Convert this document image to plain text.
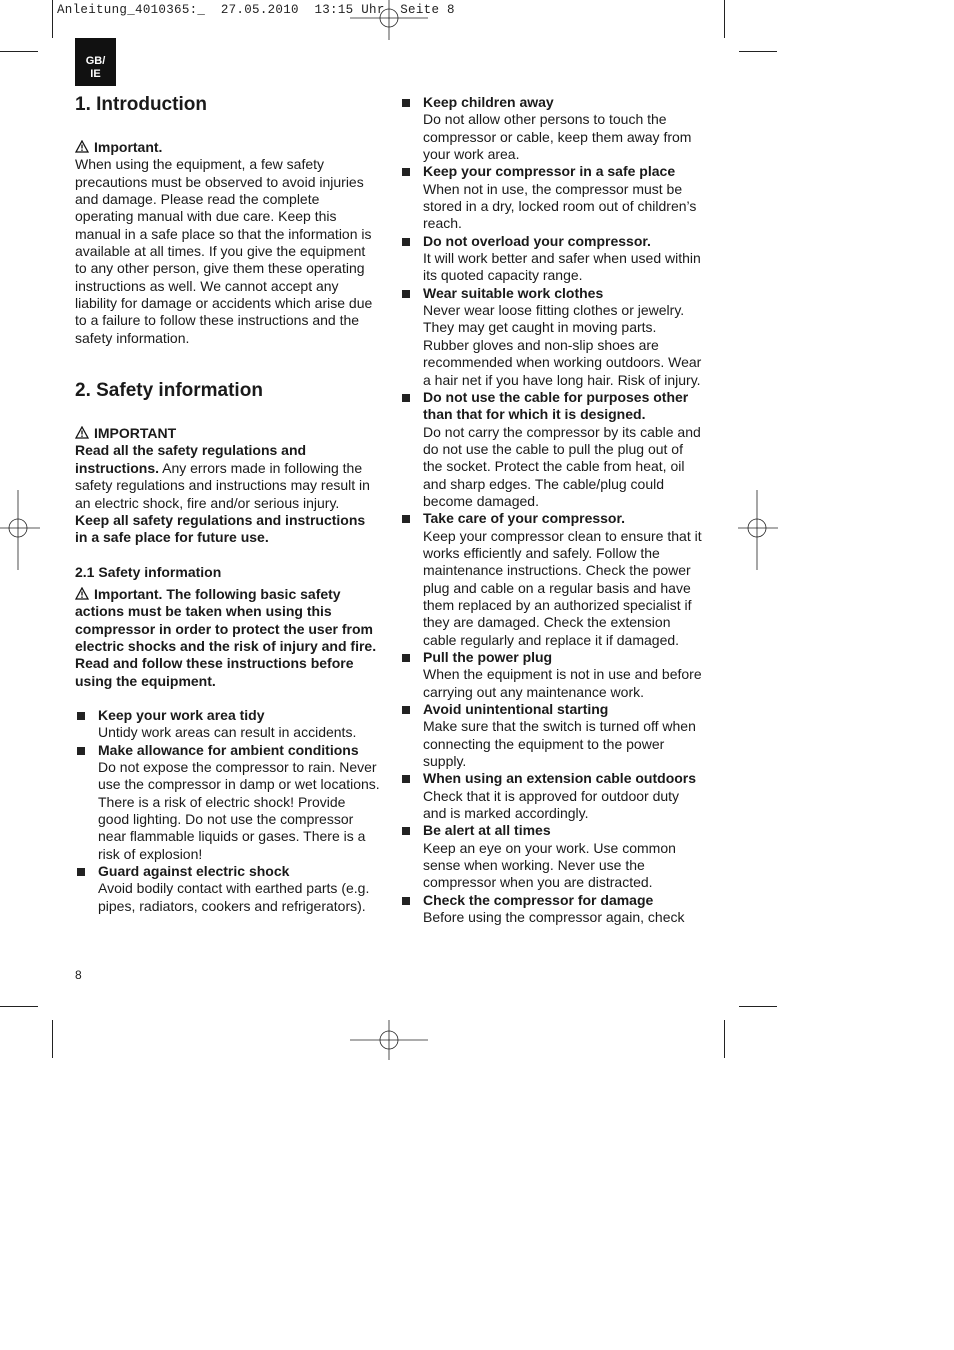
Anleitung_4010365:_  27.05.2010  13:15 Uhr  Seite 8
GB/
IE
1. Introduction

Important.

When using the equipment, a few safety precautions must be observed to avoid injuries and damage. Please read the complete operating manual with due care. Keep this manual in a safe place so that the information is available at all times. If you give the equipment to any other person, give them these operating instructions as well. We cannot accept any liability for damage or accidents which arise due to a failure to follow these instructions and the safety information.

2. Safety information

IMPORTANT

Read all the safety regulations and instructions. Any errors made in following the safety regulations and instructions may result in an electric shock, fire and/or serious injury.

Keep all safety regulations and instructions in a safe place for future use.

2.1 Safety information

Important. The following basic safety actions must be taken when using this compressor in order to protect the user from electric shocks and the risk of injury and fire.

Read and follow these instructions before using the equipment.

Keep your work area tidy

Untidy work areas can result in accidents.

Make allowance for ambient conditions

Do not expose the compressor to rain. Never use the compressor in damp or wet locations. There is a risk of electric shock! Provide good lighting. Do not use the compressor near flammable liquids or gases. There is a risk of explosion!

Guard against electric shock

Avoid bodily contact with earthed parts (e.g. pipes, radiators, cookers and refrigerators).

Keep children away

Do not allow other persons to touch the compressor or cable, keep them away from your work area.

Keep your compressor in a safe place

When not in use, the compressor must be stored in a dry, locked room out of children’s reach.

Do not overload your compressor.

It will work better and safer when used within its quoted capacity range.

Wear suitable work clothes

Never wear loose fitting clothes or jewelry. They may get caught in moving parts. Rubber gloves and non-slip shoes are recommended when working outdoors. Wear a hair net if you have long hair. Risk of injury.

Do not use the cable for purposes other than that for which it is designed.

Do not carry the compressor by its cable and do not use the cable to pull the plug out of the socket. Protect the cable from heat, oil and sharp edges. The cable/plug could become damaged.

Take care of your compressor.

Keep your compressor clean to ensure that it works efficiently and safely. Follow the maintenance instructions. Check the power plug and cable on a regular basis and have them replaced by an authorized specialist if they are damaged. Check the extension cable regularly and replace it if damaged.

Pull the power plug

When the equipment is not in use and before carrying out any maintenance work.

Avoid unintentional starting

Make sure that the switch is turned off when connecting the equipment to the power supply.

When using an extension cable outdoors

Check that it is approved for outdoor duty and is marked accordingly.

Be alert at all times

Keep an eye on your work. Use common sense when working. Never use the compressor when you are distracted.

Check the compressor for damage

Before using the compressor again, check

8
